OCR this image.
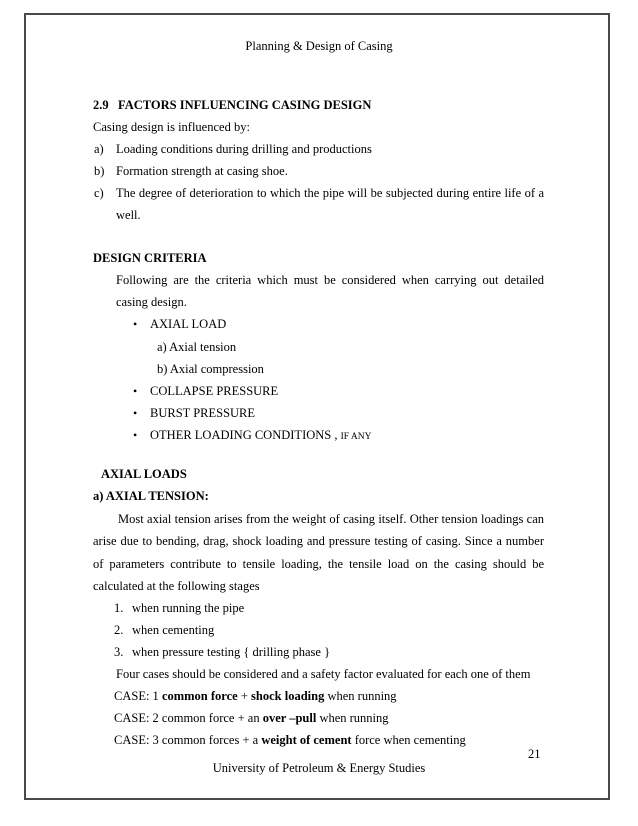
Planning & Design of Casing
2.9   FACTORS INFLUENCING CASING DESIGN
Casing design is influenced by:
a) Loading conditions during drilling and productions
b) Formation strength at casing shoe.
c) The degree of deterioration to which the pipe will be subjected during entire life of a
well.
DESIGN CRITERIA
Following are the criteria which must be considered when carrying out detailed
casing design.
• AXIAL LOAD
a) Axial tension
b) Axial compression
• COLLAPSE PRESSURE
• BURST PRESSURE
• OTHER LOADING CONDITIONS , IF ANY
AXIAL LOADS
a) AXIAL TENSION:
Most axial tension arises from the weight of casing itself. Other tension loadings can
arise due to bending, drag, shock loading and pressure testing of casing. Since a number
of parameters contribute to tensile loading, the tensile load on the casing should be
calculated at the following stages
1. when running the pipe
2. when cementing
3. when pressure testing { drilling phase }
Four cases should be considered and a safety factor evaluated for each one of them
CASE: 1 common force + shock loading when running
CASE: 2 common force + an over –pull when running
CASE: 3 common forces + a weight of cement force when cementing
21
University of Petroleum & Energy Studies
